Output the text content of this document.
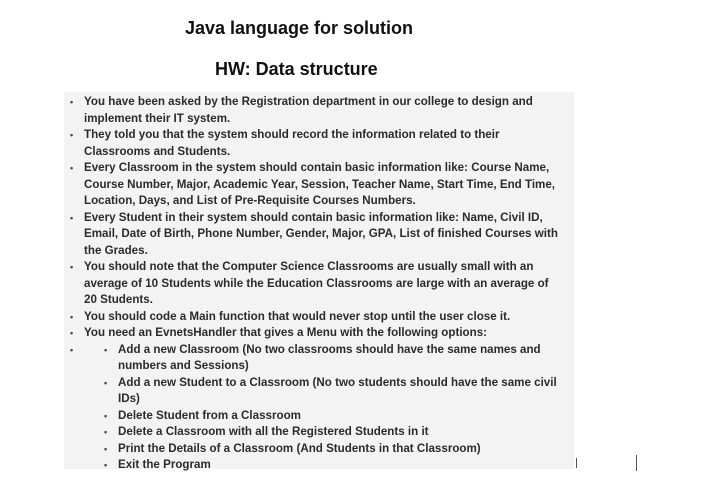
Java language for solution
HW: Data structure
• You have been asked by the Registration department in our college to design and implement their IT system.
• They told you that the system should record the information related to their Classrooms and Students.
• Every Classroom in the system should contain basic information like: Course Name, Course Number, Major, Academic Year, Session, Teacher Name, Start Time, End Time, Location, Days, and List of Pre-Requisite Courses Numbers.
• Every Student in their system should contain basic information like: Name, Civil ID, Email, Date of Birth, Phone Number, Gender, Major, GPA, List of finished Courses with the Grades.
• You should note that the Computer Science Classrooms are usually small with an average of 10 Students while the Education Classrooms are large with an average of 20 Students.
• You should code a Main function that would never stop until the user close it.
• You need an EvnetsHandler that gives a Menu with the following options:
• • Add a new Classroom (No two classrooms should have the same names and numbers and Sessions)
• Add a new Student to a Classroom (No two students should have the same civil IDs)
• Delete Student from a Classroom
• Delete a Classroom with all the Registered Students in it
• Print the Details of a Classroom (And Students in that Classroom)
• Exit the Program
